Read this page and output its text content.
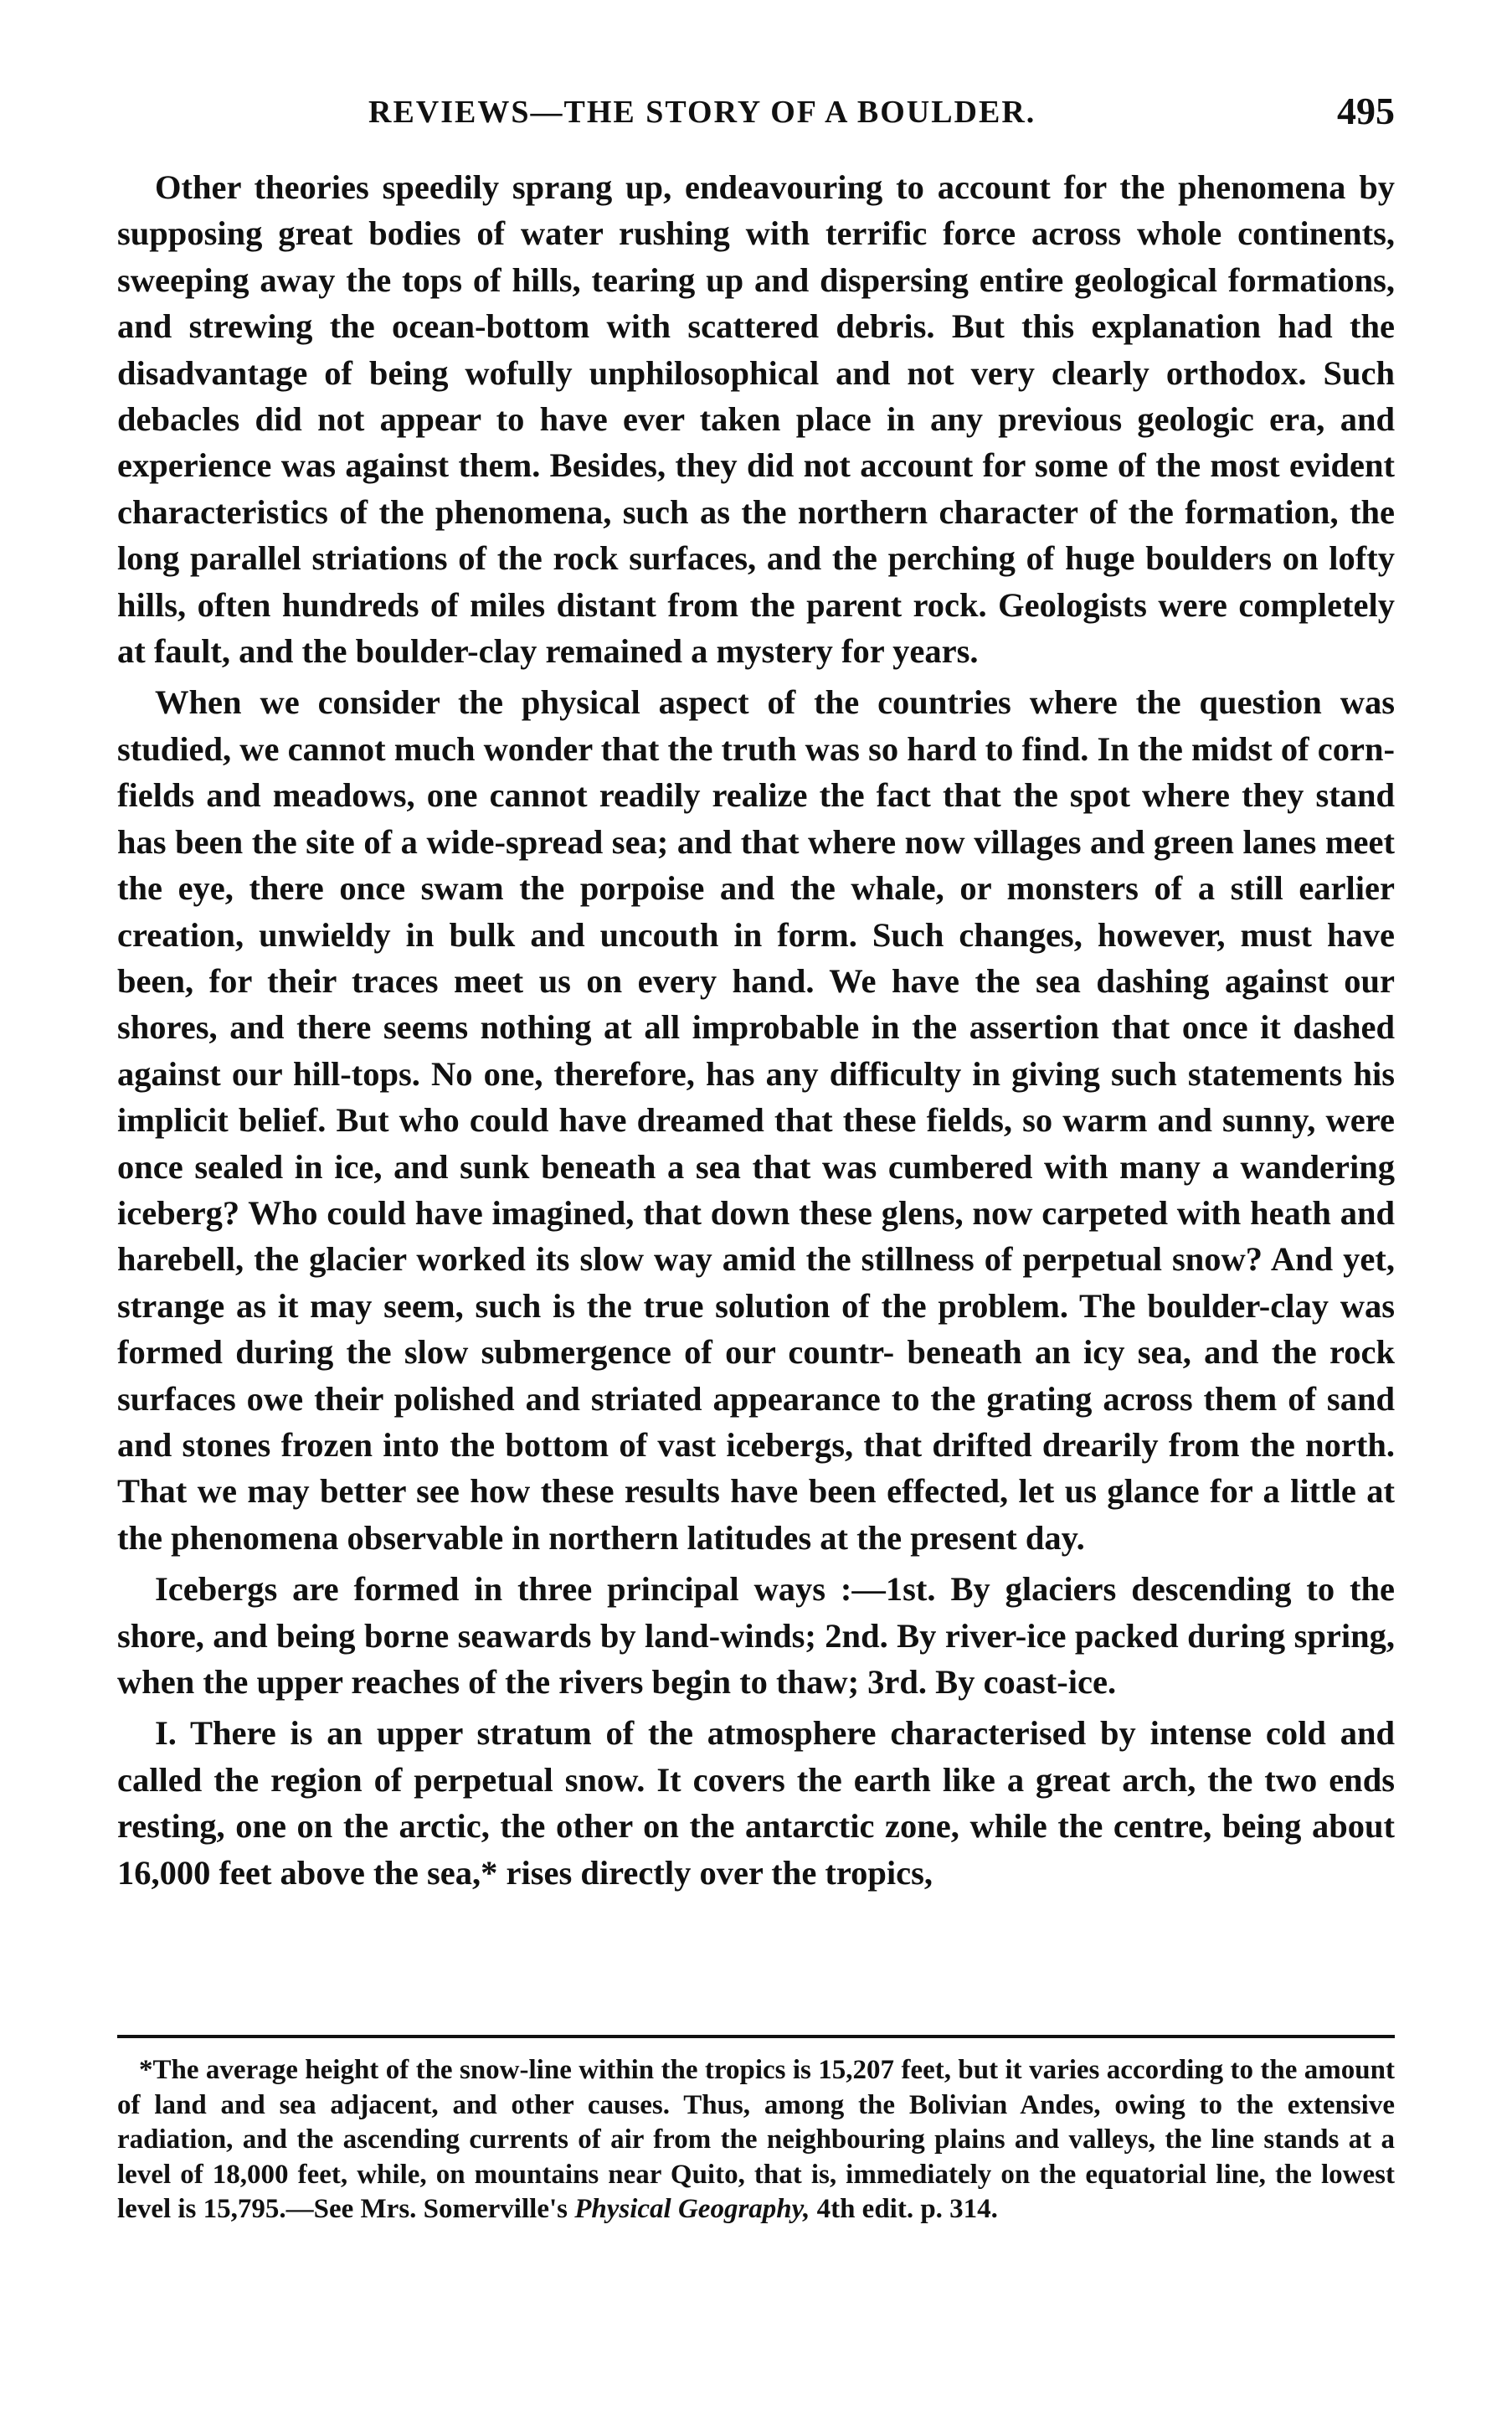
REVIEWS—THE STORY OF A BOULDER.	495

Other theories speedily sprang up, endeavouring to account for the phenomena by supposing great bodies of water rushing with terrific force across whole continents, sweeping away the tops of hills, tearing up and dispersing entire geological formations, and strewing the ocean-bottom with scattered debris. But this explanation had the disadvantage of being wofully unphilosophical and not very clearly orthodox. Such debacles did not appear to have ever taken place in any previous geologic era, and experience was against them. Besides, they did not account for some of the most evident characteristics of the phenomena, such as the northern character of the formation, the long parallel striations of the rock surfaces, and the perching of huge boulders on lofty hills, often hundreds of miles distant from the parent rock. Geologists were completely at fault, and the boulder-clay remained a mystery for years.

When we consider the physical aspect of the countries where the question was studied, we cannot much wonder that the truth was so hard to find. In the midst of corn-fields and meadows, one cannot readily realize the fact that the spot where they stand has been the site of a wide-spread sea; and that where now villages and green lanes meet the eye, there once swam the porpoise and the whale, or monsters of a still earlier creation, unwieldy in bulk and uncouth in form. Such changes, however, must have been, for their traces meet us on every hand. We have the sea dashing against our shores, and there seems nothing at all improbable in the assertion that once it dashed against our hill-tops. No one, therefore, has any difficulty in giving such statements his implicit belief. But who could have dreamed that these fields, so warm and sunny, were once sealed in ice, and sunk beneath a sea that was cumbered with many a wandering iceberg? Who could have imagined, that down these glens, now carpeted with heath and harebell, the glacier worked its slow way amid the stillness of perpetual snow? And yet, strange as it may seem, such is the true solution of the problem. The boulder-clay was formed during the slow submergence of our countr- beneath an icy sea, and the rock surfaces owe their polished and striated appearance to the grating across them of sand and stones frozen into the bottom of vast icebergs, that drifted drearily from the north. That we may better see how these results have been effected, let us glance for a little at the phenomena observable in northern latitudes at the present day.

Icebergs are formed in three principal ways :—1st. By glaciers descending to the shore, and being borne seawards by land-winds; 2nd. By river-ice packed during spring, when the upper reaches of the rivers begin to thaw; 3rd. By coast-ice.

I. There is an upper stratum of the atmosphere characterised by intense cold and called the region of perpetual snow. It covers the earth like a great arch, the two ends resting, one on the arctic, the other on the antarctic zone, while the centre, being about 16,000 feet above the sea,* rises directly over the tropics,

*The average height of the snow-line within the tropics is 15,207 feet, but it varies according to the amount of land and sea adjacent, and other causes. Thus, among the Bolivian Andes, owing to the extensive radiation, and the ascending currents of air from the neighbouring plains and valleys, the line stands at a level of 18,000 feet, while, on mountains near Quito, that is, immediately on the equatorial line, the lowest level is 15,795.—See Mrs. Somerville's Physical Geography, 4th edit. p. 314.
